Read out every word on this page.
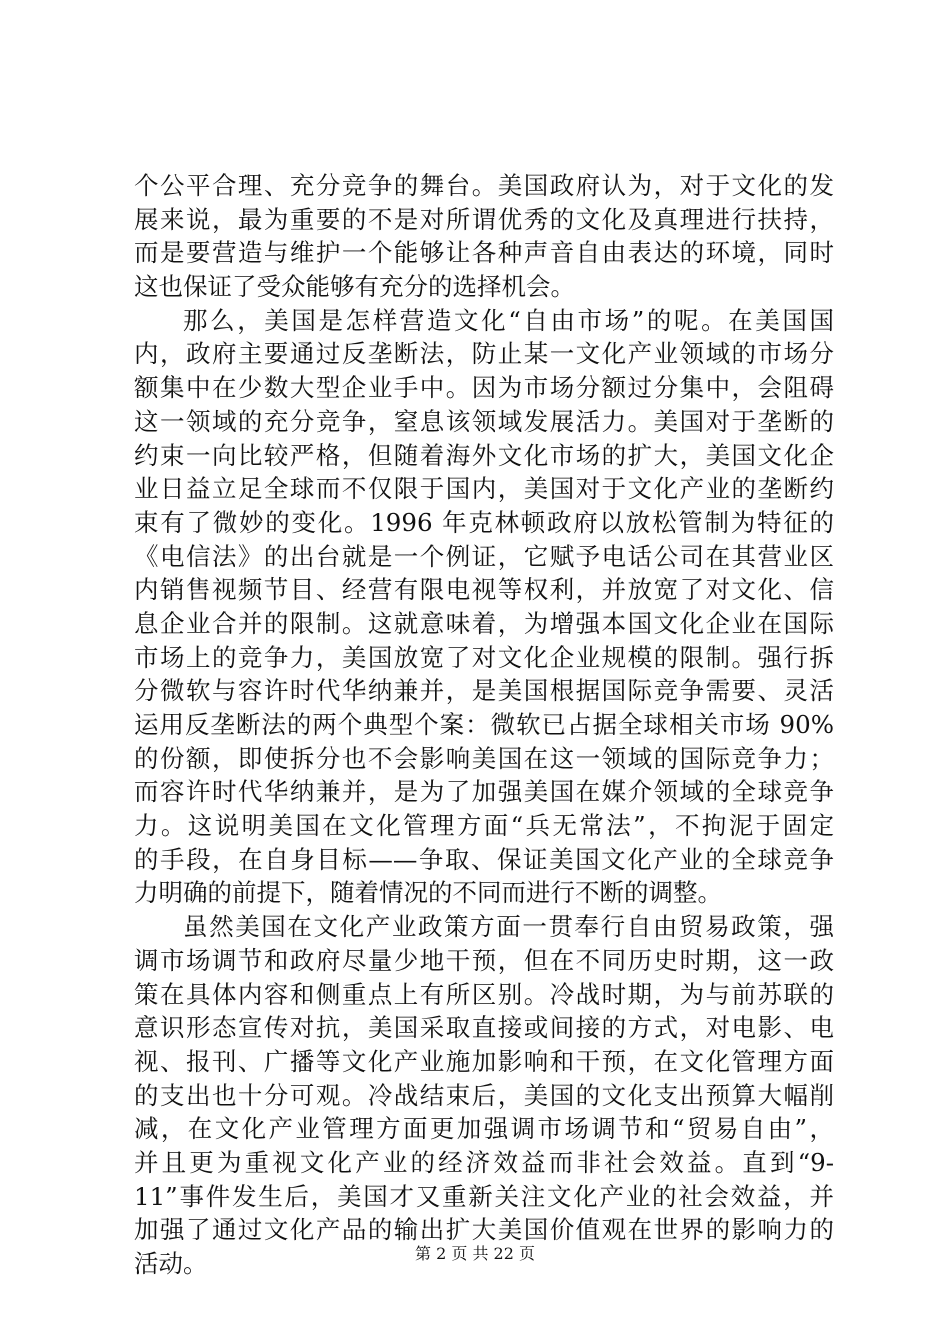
个公平合理、充分竞争的舞台。美国政府认为，对于文化的发
展来说，最为重要的不是对所谓优秀的文化及真理进行扶持，
而是要营造与维护一个能够让各种声音自由表达的环境，同时
这也保证了受众能够有充分的选择机会。
那么，美国是怎样营造文化“自由市场”的呢。在美国国
内，政府主要通过反垄断法，防止某一文化产业领域的市场分
额集中在少数大型企业手中。因为市场分额过分集中，会阻碍
这一领域的充分竞争，窒息该领域发展活力。美国对于垄断的
约束一向比较严格，但随着海外文化市场的扩大，美国文化企
业日益立足全球而不仅限于国内，美国对于文化产业的垄断约
束有了微妙的变化。1996 年克林顿政府以放松管制为特征的
《电信法》的出台就是一个例证，它赋予电话公司在其营业区
内销售视频节目、经营有限电视等权利，并放宽了对文化、信
息企业合并的限制。这就意味着，为增强本国文化企业在国际
市场上的竞争力，美国放宽了对文化企业规模的限制。强行拆
分微软与容许时代华纳兼并，是美国根据国际竞争需要、灵活
运用反垄断法的两个典型个案：微软已占据全球相关市场 90%
的份额，即使拆分也不会影响美国在这一领域的国际竞争力；
而容许时代华纳兼并，是为了加强美国在媒介领域的全球竞争
力。这说明美国在文化管理方面“兵无常法”，不拘泥于固定
的手段，在自身目标——争取、保证美国文化产业的全球竞争
力明确的前提下，随着情况的不同而进行不断的调整。
虽然美国在文化产业政策方面一贯奉行自由贸易政策，强
调市场调节和政府尽量少地干预，但在不同历史时期，这一政
策在具体内容和侧重点上有所区别。冷战时期，为与前苏联的
意识形态宣传对抗，美国采取直接或间接的方式，对电影、电
视、报刊、广播等文化产业施加影响和干预，在文化管理方面
的支出也十分可观。冷战结束后，美国的文化支出预算大幅削
减，在文化产业管理方面更加强调市场调节和“贸易自由”，
并且更为重视文化产业的经济效益而非社会效益。直到“9-
11”事件发生后，美国才又重新关注文化产业的社会效益，并
加强了通过文化产品的输出扩大美国价值观在世界的影响力的
活动。	第 2 页 共 22 页
